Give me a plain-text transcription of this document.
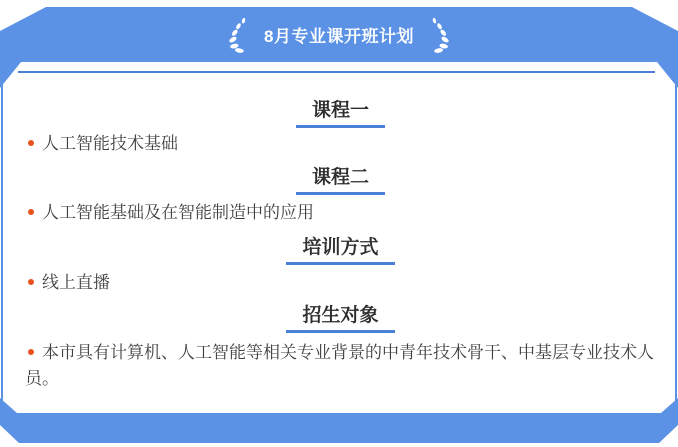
8月专业课开班计划
课程一
人工智能技术基础
课程二
人工智能基础及在智能制造中的应用
培训方式
线上直播
招生对象
本市具有计算机、人工智能等相关专业背景的中青年技术骨干、中基层专业技术人员。
